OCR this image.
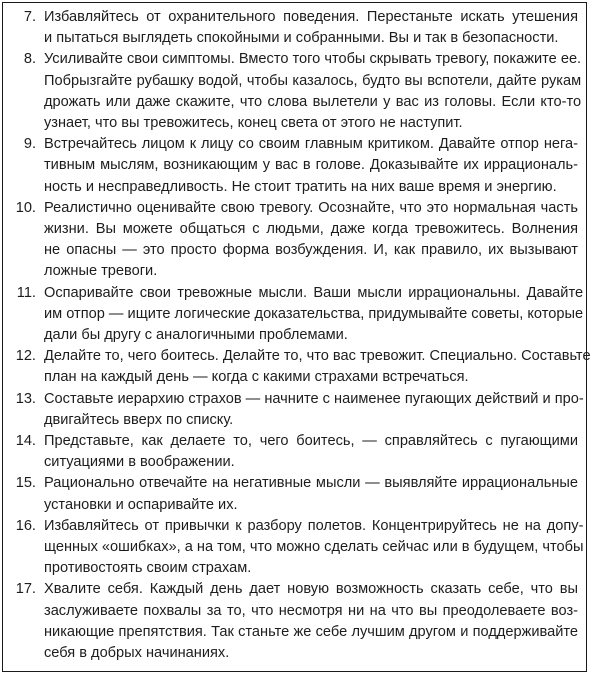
7. Избавляйтесь от охранительного поведения. Перестаньте искать утешения
и пытаться выглядеть спокойными и собранными. Вы и так в безопасности.
8. Усиливайте свои симптомы. Вместо того чтобы скрывать тревогу, покажите ее.
Побрызгайте рубашку водой, чтобы казалось, будто вы вспотели, дайте рукам
дрожать или даже скажите, что слова вылетели у вас из головы. Если кто-то
узнает, что вы тревожитесь, конец света от этого не наступит.
9. Встречайтесь лицом к лицу со своим главным критиком. Давайте отпор нега-
тивным мыслям, возникающим у вас в голове. Доказывайте их иррациональ-
ность и несправедливость. Не стоит тратить на них ваше время и энергию.
10. Реалистично оценивайте свою тревогу. Осознайте, что это нормальная часть
жизни. Вы можете общаться с людьми, даже когда тревожитесь. Волнения
не опасны — это просто форма возбуждения. И, как правило, их вызывают
ложные тревоги.
11. Оспаривайте свои тревожные мысли. Ваши мысли иррациональны. Давайте
им отпор — ищите логические доказательства, придумывайте советы, которые
дали бы другу с аналогичными проблемами.
12. Делайте то, чего боитесь. Делайте то, что вас тревожит. Специально. Составьте
план на каждый день — когда с какими страхами встречаться.
13. Составьте иерархию страхов — начните с наименее пугающих действий и про-
двигайтесь вверх по списку.
14. Представьте, как делаете то, чего боитесь, — справляйтесь с пугающими
ситуациями в воображении.
15. Рационально отвечайте на негативные мысли — выявляйте иррациональные
установки и оспаривайте их.
16. Избавляйтесь от привычки к разбору полетов. Концентрируйтесь не на допу-
щенных «ошибках», а на том, что можно сделать сейчас или в будущем, чтобы
противостоять своим страхам.
17. Хвалите себя. Каждый день дает новую возможность сказать себе, что вы
заслуживаете похвалы за то, что несмотря ни на что вы преодолеваете воз-
никающие препятствия. Так станьте же себе лучшим другом и поддерживайте
себя в добрых начинаниях.
